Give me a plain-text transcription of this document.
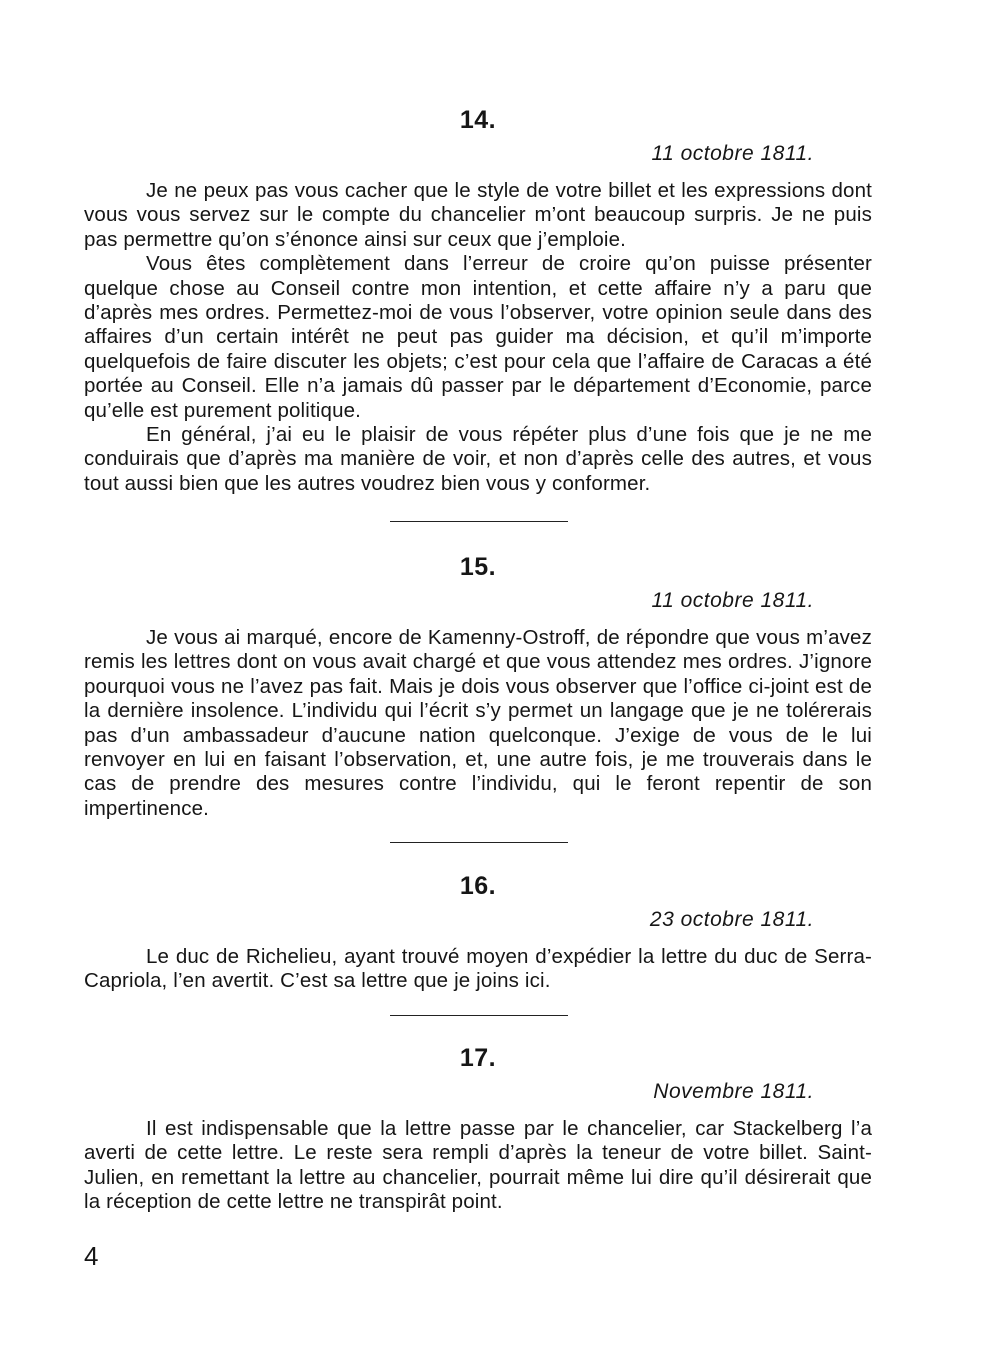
14.
11 octobre 1811.

Je ne peux pas vous cacher que le style de votre billet et les expressions dont vous vous servez sur le compte du chancelier m’ont beaucoup surpris. Je ne puis pas permettre qu’on s’énonce ainsi sur ceux que j’emploie.

Vous êtes complètement dans l’erreur de croire qu’on puisse présenter quelque chose au Conseil contre mon intention, et cette affaire n’y a paru que d’après mes ordres. Permettez-moi de vous l’observer, votre opinion seule dans des affaires d’un certain intérêt ne peut pas guider ma décision, et qu’il m’importe quelquefois de faire discuter les objets; c’est pour cela que l’affaire de Caracas a été portée au Conseil. Elle n’a jamais dû passer par le département d’Economie, parce qu’elle est purement politique.

En général, j’ai eu le plaisir de vous répéter plus d’une fois que je ne me conduirais que d’après ma manière de voir, et non d’après celle des autres, et vous tout aussi bien que les autres voudrez bien vous y conformer.

15.
11 octobre 1811.

Je vous ai marqué, encore de Kamenny-Ostroff, de répondre que vous m’avez remis les lettres dont on vous avait chargé et que vous attendez mes ordres. J’ignore pourquoi vous ne l’avez pas fait. Mais je dois vous observer que l’office ci-joint est de la dernière insolence. L’individu qui l’écrit s’y permet un langage que je ne tolérerais pas d’un ambassadeur d’aucune nation quelconque. J’exige de vous de le lui renvoyer en lui en faisant l’observation, et, une autre fois, je me trouverais dans le cas de prendre des mesures contre l’individu, qui le feront repentir de son impertinence.

16.
23 octobre 1811.

Le duc de Richelieu, ayant trouvé moyen d’expédier la lettre du duc de Serra-Capriola, l’en avertit. C’est sa lettre que je joins ici.

17.
Novembre 1811.

Il est indispensable que la lettre passe par le chancelier, car Stackelberg l’a averti de cette lettre. Le reste sera rempli d’après la teneur de votre billet. Saint-Julien, en remettant la lettre au chancelier, pourrait même lui dire qu’il désirerait que la réception de cette lettre ne transpirât point.

4
